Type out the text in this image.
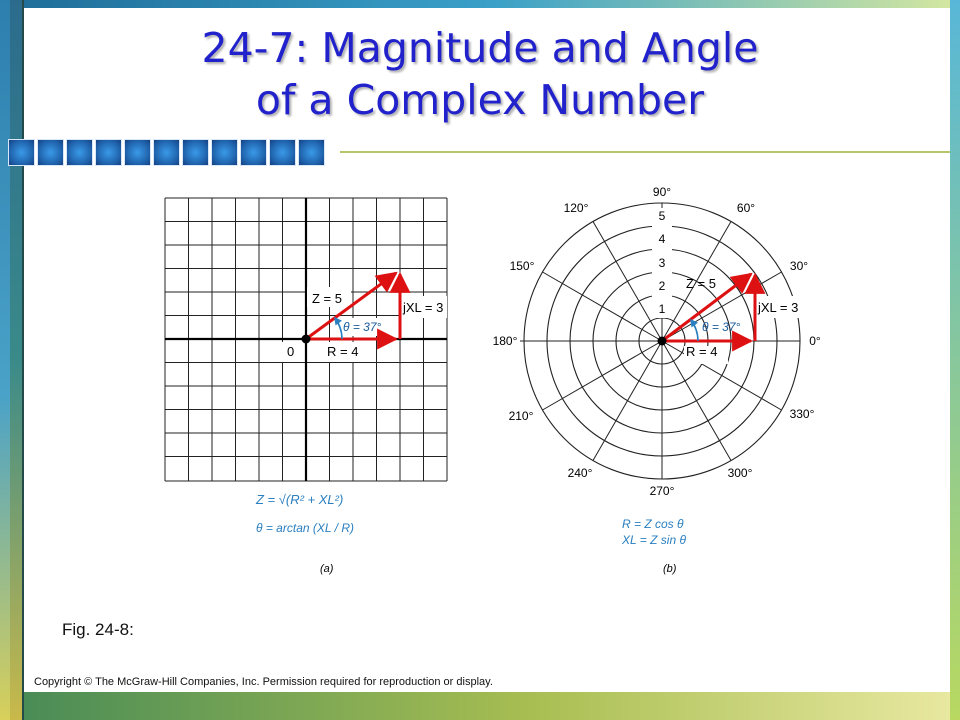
24-7: Magnitude and Angle
of a Complex Number
Z = 5
jXL = 3
θ = 37°
R = 4
0
Z = √(R² + XL²)
θ = arctan (XL / R)
(a)
1
2
3
4
5
90°
60°
30°
0°
330°
300°
270°
240°
210°
180°
150°
120°
Z = 5
jXL = 3
θ = 37°
R = 4
R = Z cos θ
XL = Z sin θ
(b)

Fig. 24-8:

Copyright © The McGraw-Hill Companies, Inc. Permission required for reproduction or display.
